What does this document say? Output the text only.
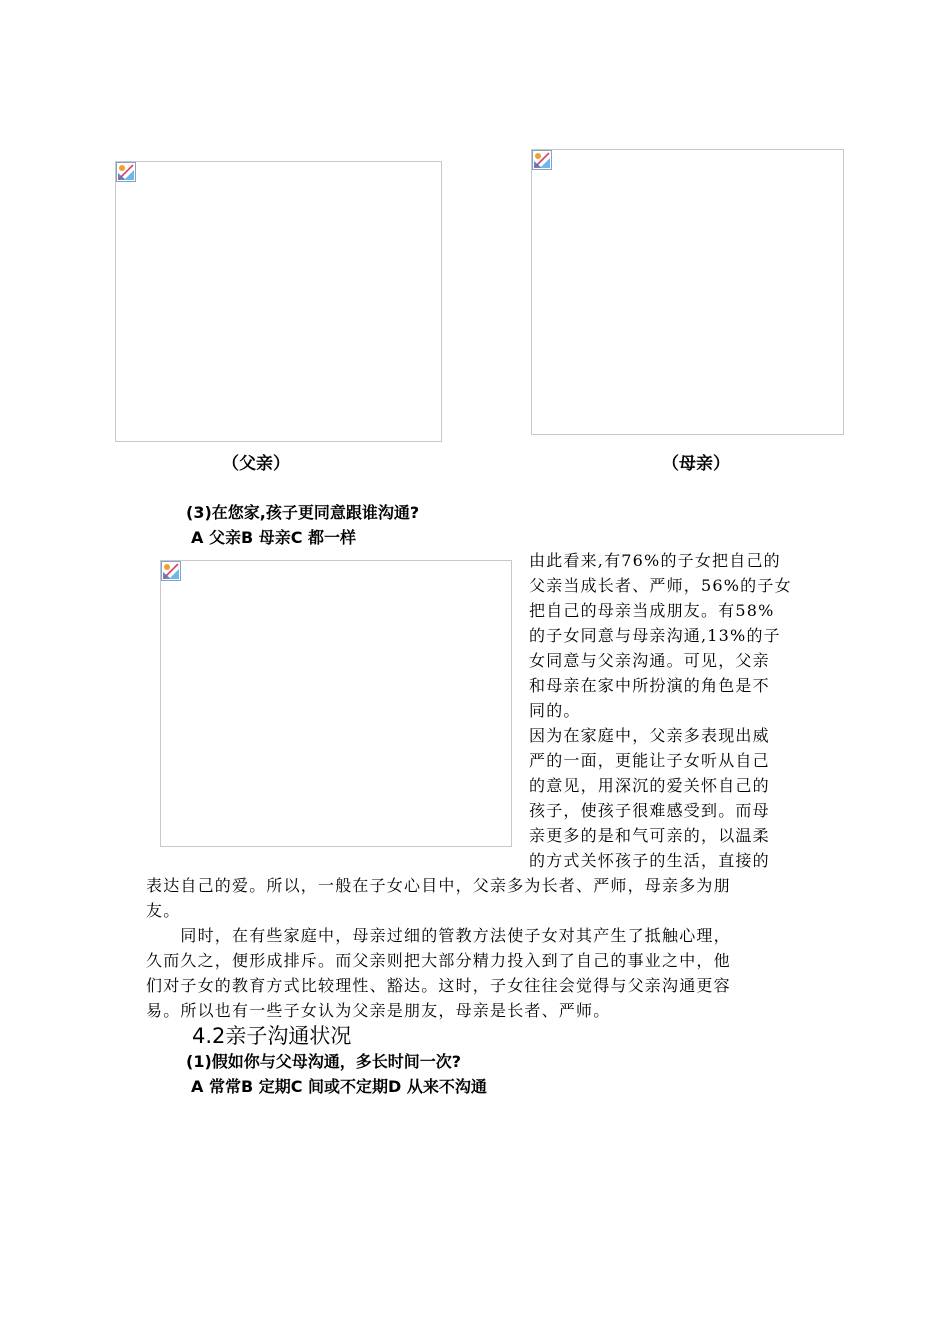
（父亲）	（母亲）
(3)在您家,孩子更同意跟谁沟通?
A 父亲B 母亲C 都一样
由此看来,有76%的子女把自己的
父亲当成长者、严师，56%的子女
把自己的母亲当成朋友。有58%
的子女同意与母亲沟通,13%的子
女同意与父亲沟通。可见，父亲
和母亲在家中所扮演的角色是不
同的。
因为在家庭中，父亲多表现出威
严的一面，更能让子女听从自己
的意见，用深沉的爱关怀自己的
孩子，使孩子很难感受到。而母
亲更多的是和气可亲的，以温柔
的方式关怀孩子的生活，直接的
表达自己的爱。所以，一般在子女心目中，父亲多为长者、严师，母亲多为朋
友。
　　同时，在有些家庭中，母亲过细的管教方法使子女对其产生了抵触心理，
久而久之，便形成排斥。而父亲则把大部分精力投入到了自己的事业之中，他
们对子女的教育方式比较理性、豁达。这时，子女往往会觉得与父亲沟通更容
易。所以也有一些子女认为父亲是朋友，母亲是长者、严师。
4.2亲子沟通状况
(1)假如你与父母沟通，多长时间一次?
A 常常B 定期C 间或不定期D 从来不沟通
